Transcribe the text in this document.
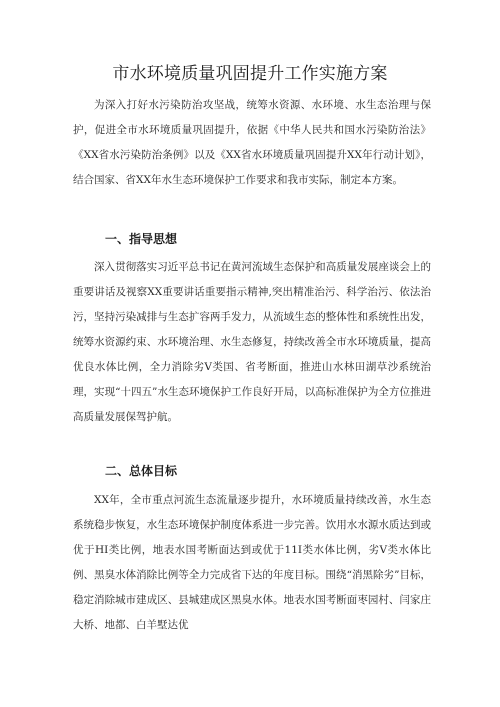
市水环境质量巩固提升工作实施方案

为深入打好水污染防治攻坚战，统筹水资源、水环境、水生态治理与保护，促进全市水环境质量巩固提升，依据《中华人民共和国水污染防治法》《XX省水污染防治条例》以及《XX省水环境质量巩固提升XX年行动计划》，结合国家、省XX年水生态环境保护工作要求和我市实际，制定本方案。

一、指导思想

深入贯彻落实习近平总书记在黄河流域生态保护和高质量发展座谈会上的重要讲话及视察XX重要讲话重要指示精神,突出精准治污、科学治污、依法治污，坚持污染减排与生态扩容两手发力，从流域生态的整体性和系统性出发，统筹水资源约束、水环境治理、水生态修复，持续改善全市水环境质量，提高优良水体比例，全力消除劣V类国、省考断面，推进山水林田湖草沙系统治理，实现“十四五”水生态环境保护工作良好开局，以高标准保护为全方位推进高质量发展保驾护航。

二、总体目标

XX年，全市重点河流生态流量逐步提升，水环境质量持续改善，水生态系统稳步恢复，水生态环境保护制度体系进一步完善。饮用水水源水质达到或优于HI类比例，地表水国考断面达到或优于11I类水体比例，劣V类水体比例、黑臭水体消除比例等全力完成省下达的年度目标。围绕“消黑除劣”目标，稳定消除城市建成区、县城建成区黑臭水体。地表水国考断面枣园村、闫家庄大桥、地都、白羊墅达优
